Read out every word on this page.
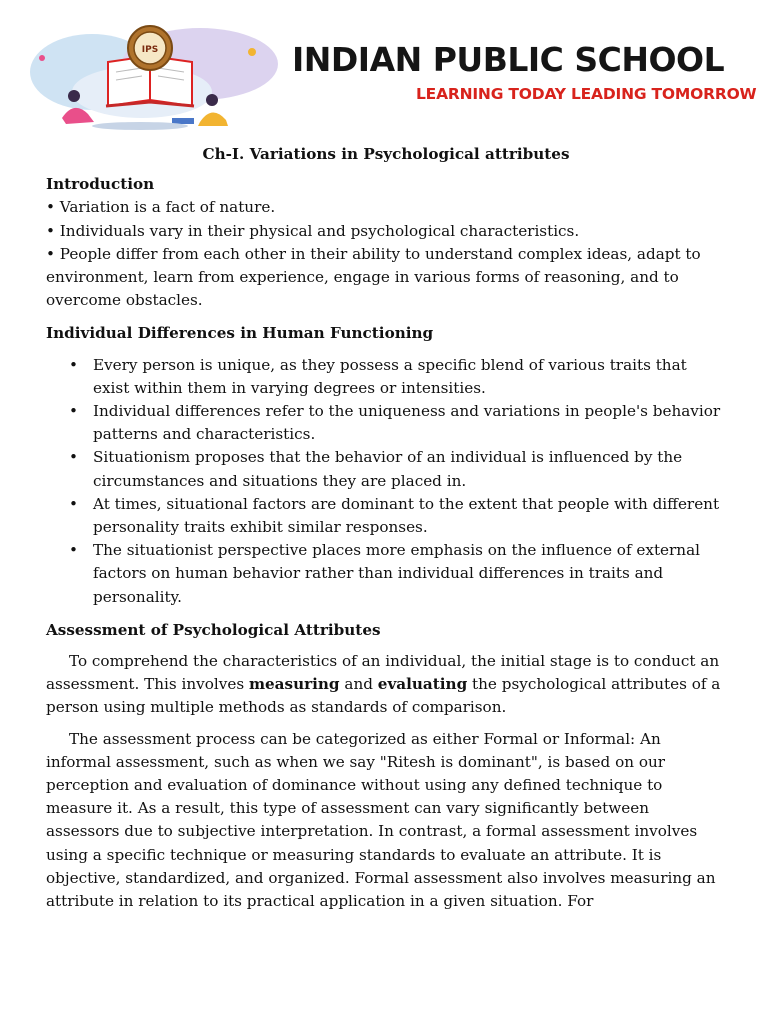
IPS	INDIAN PUBLIC SCHOOL
LEARNING TODAY LEADING TOMORROW

Ch-I. Variations in Psychological attributes

Introduction

• Variation is a fact of nature.

• Individuals vary in their physical and psychological characteristics.

• People differ from each other in their ability to understand complex ideas, adapt to environment, learn from experience, engage in various forms of reasoning, and to overcome obstacles.

Individual Differences in Human Functioning

• Every person is unique, as they possess a specific blend of various traits that exist within them in varying degrees or intensities.
• Individual differences refer to the uniqueness and variations in people's behavior patterns and characteristics.
• Situationism proposes that the behavior of an individual is influenced by the circumstances and situations they are placed in.
• At times, situational factors are dominant to the extent that people with different personality traits exhibit similar responses.
• The situationist perspective places more emphasis on the influence of external factors on human behavior rather than individual differences in traits and personality.

Assessment of Psychological Attributes

To comprehend the characteristics of an individual, the initial stage is to conduct an assessment. This involves measuring and evaluating the psychological attributes of a person using multiple methods as standards of comparison.

The assessment process can be categorized as either Formal or Informal: An informal assessment, such as when we say "Ritesh is dominant", is based on our perception and evaluation of dominance without using any defined technique to measure it. As a result, this type of assessment can vary significantly between assessors due to subjective interpretation. In contrast, a formal assessment involves using a specific technique or measuring standards to evaluate an attribute. It is objective, standardized, and organized. Formal assessment also involves measuring an attribute in relation to its practical application in a given situation. For
